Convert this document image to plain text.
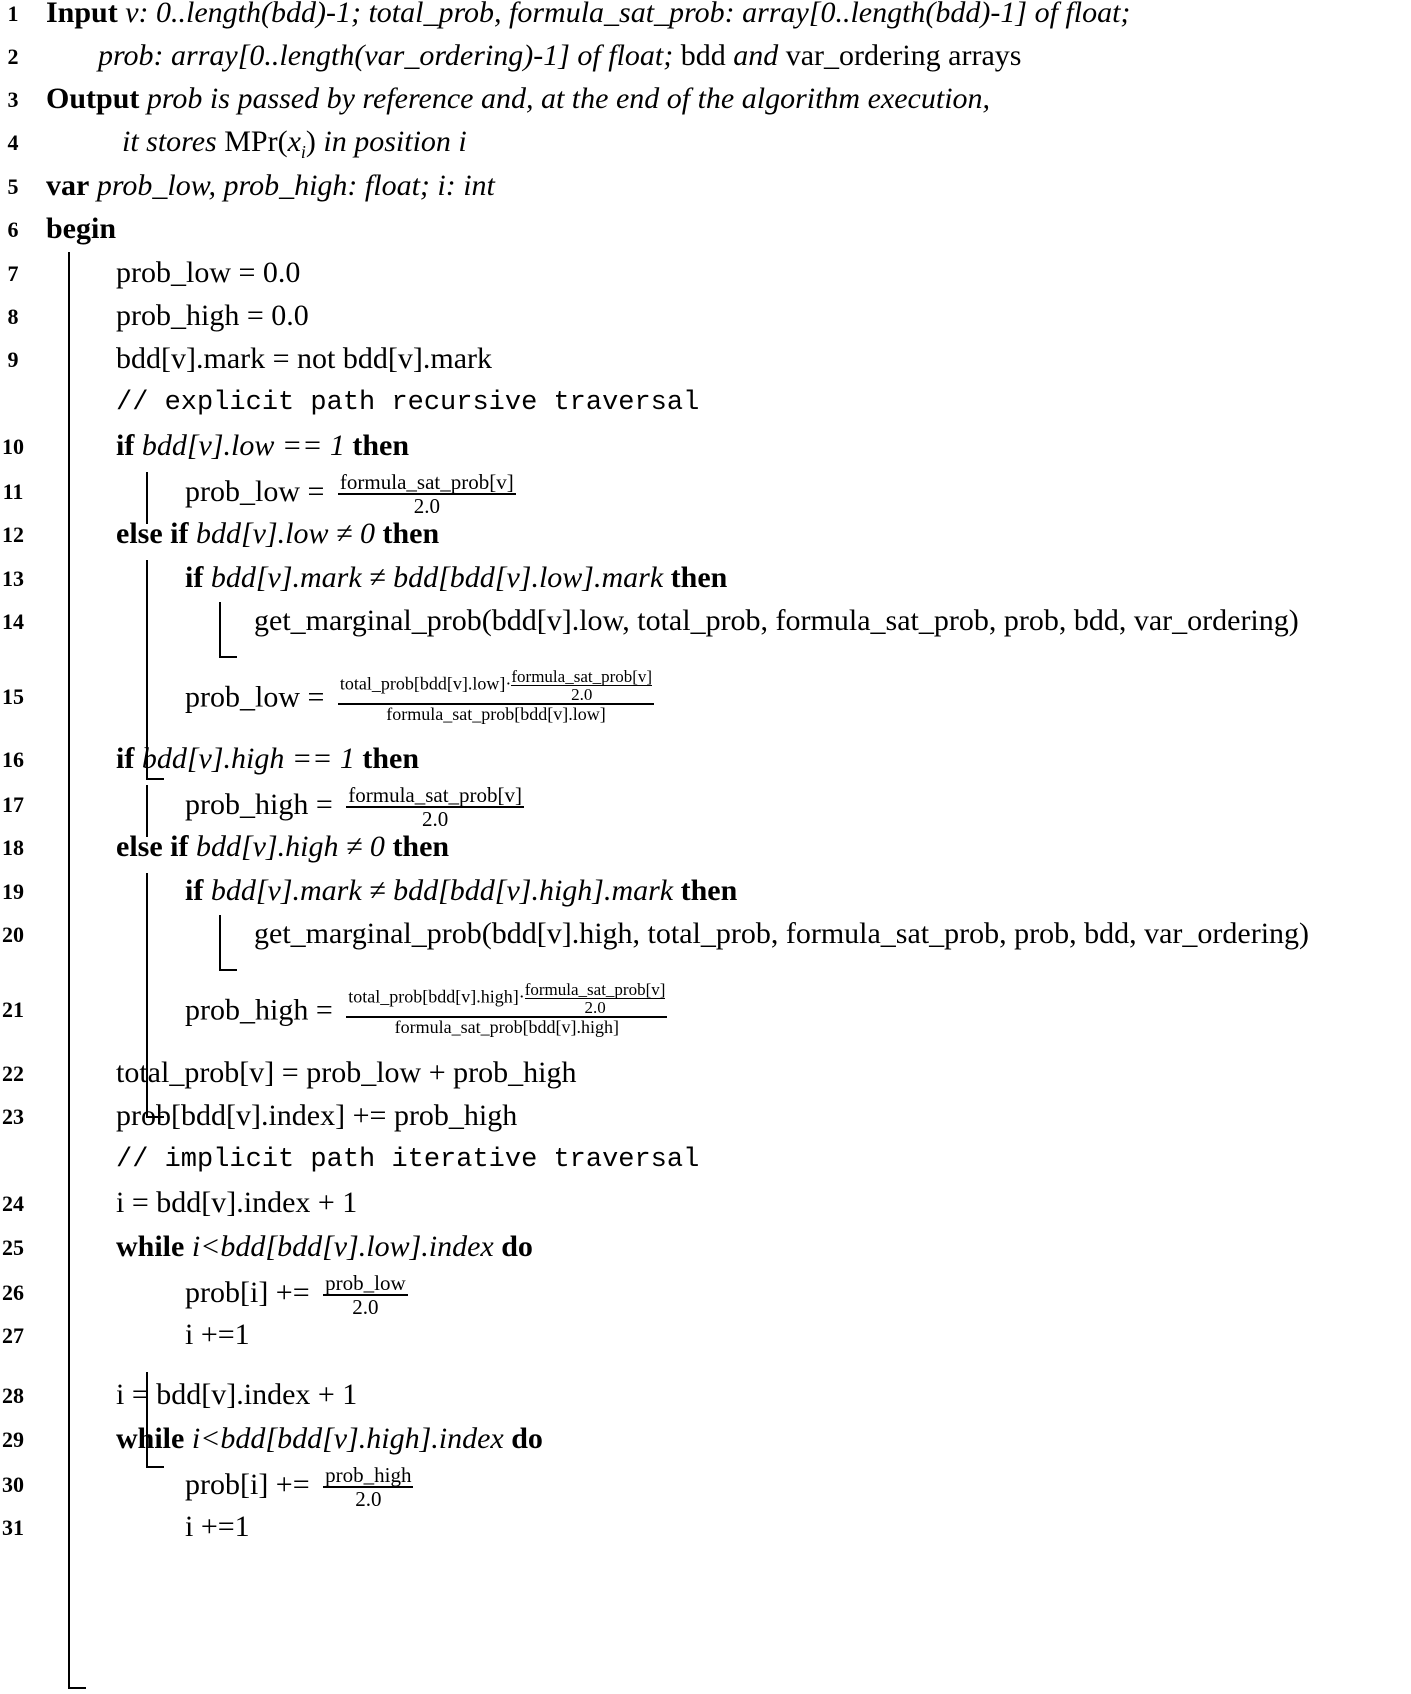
1 Input v: 0..length(bdd)-1; total_prob, formula_sat_prob: array[0..length(bdd)-1] of float;
2	prob: array[0..length(var_ordering)-1] of float; bdd and var_ordering arrays
3 Output prob is passed by reference and, at the end of the algorithm execution,
4	it stores $MPr(x_i)$ in position i
5 var prob_low, prob_high: float; i: int
6 begin
7	prob_low = 0.0
8	prob_high = 0.0
9	bdd[v].mark = not bdd[v].mark
// explicit path recursive traversal
10	if bdd[v].low == 1 then
11	prob_low = $\frac{\text{formula\_sat\_prob[v]}}{2.0}$
12	else if bdd[v].low ≠ 0 then
13	if bdd[v].mark ≠ bdd[bdd[v].low].mark then
14	get_marginal_prob(bdd[v].low, total_prob, formula_sat_prob, prob, bdd, var_ordering)
15	prob_low = total_prob[bdd[v].low]· formula_sat_prob[v]
2.0
formula_sat_prob[bdd[v].low]
16	if bdd[v].high == 1 then
17	prob_high = $\frac{\text{formula\_sat\_prob[v]}}{2.0}$
18	else if bdd[v].high ≠ 0 then
19	if bdd[v].mark ≠ bdd[bdd[v].high].mark then
20	get_marginal_prob(bdd[v].high, total_prob, formula_sat_prob, prob, bdd, var_ordering)
21	prob_high = total_prob[bdd[v].high]· formula_sat_prob[v]
2.0
formula_sat_prob[bdd[v].high]
22	total_prob[v] = prob_low + prob_high
23	prob[bdd[v].index] += prob_high
// implicit path iterative traversal
24	i = bdd[v].index + 1
25	while i<bdd[bdd[v].low].index do
26	prob[i] += $\frac{\text{prob\_low}}{2.0}$
27	i +=1
28	i = bdd[v].index + 1
29	while i<bdd[bdd[v].high].index do
30	prob[i] += $\frac{\text{prob\_high}}{2.0}$
31	i +=1
